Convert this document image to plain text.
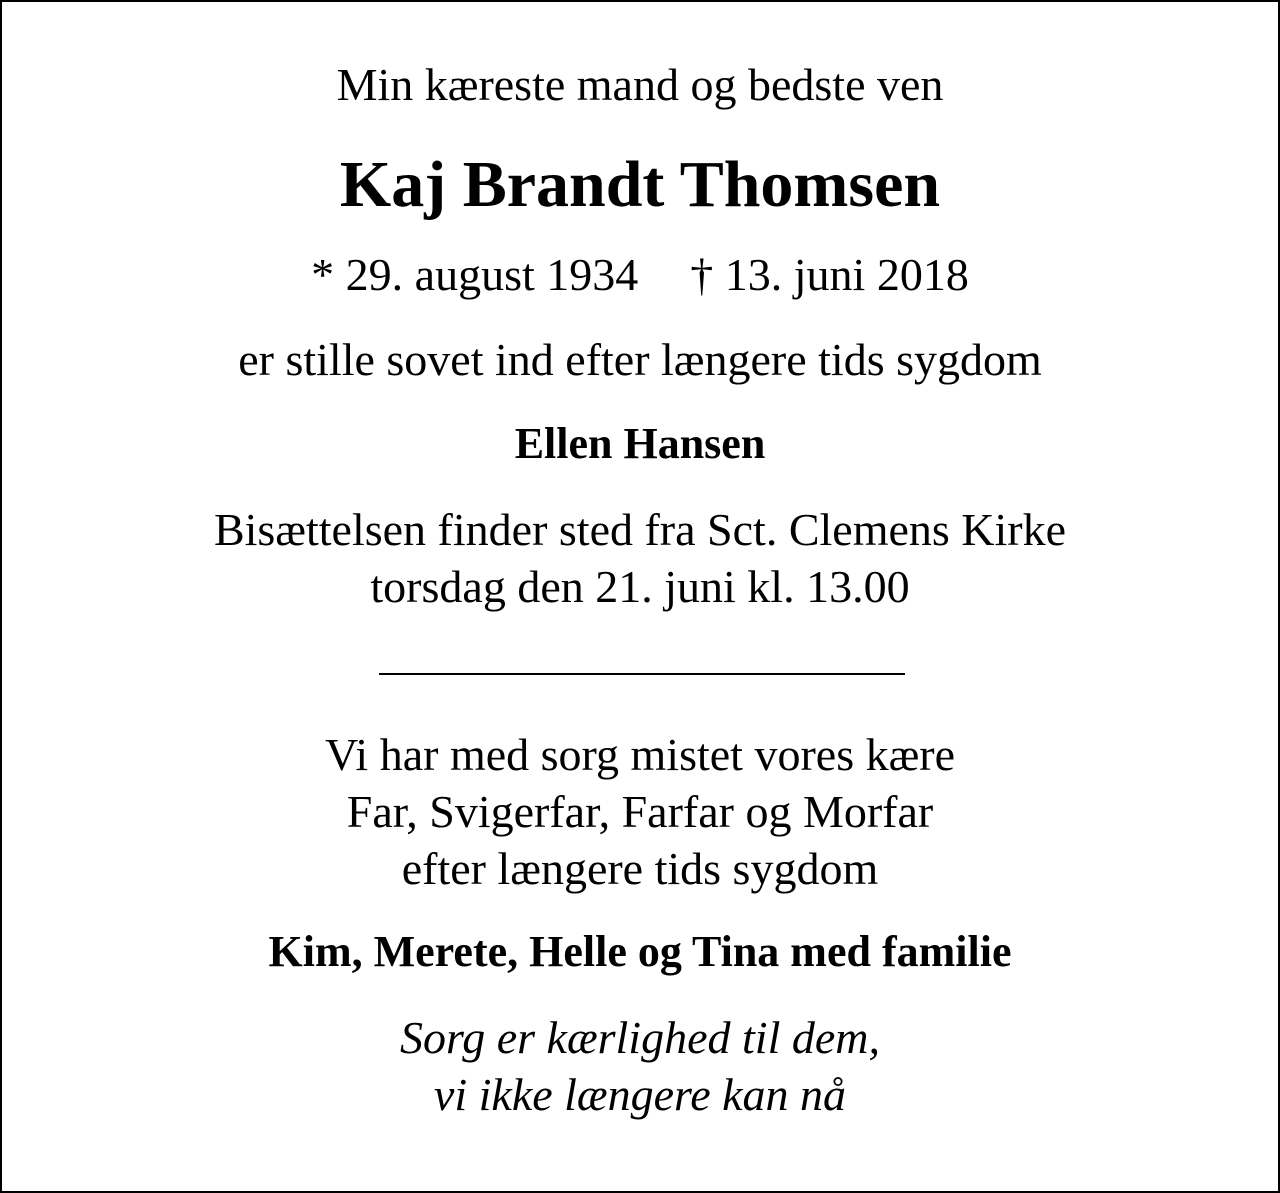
Min kæreste mand og bedste ven
Kaj Brandt Thomsen
* 29. august 1934 † 13. juni 2018
er stille sovet ind efter længere tids sygdom
Ellen Hansen
Bisættelsen finder sted fra Sct. Clemens Kirke
torsdag den 21. juni kl. 13.00
Vi har med sorg mistet vores kære
Far, Svigerfar, Farfar og Morfar
efter længere tids sygdom
Kim, Merete, Helle og Tina med familie
Sorg er kærlighed til dem,
vi ikke længere kan nå
